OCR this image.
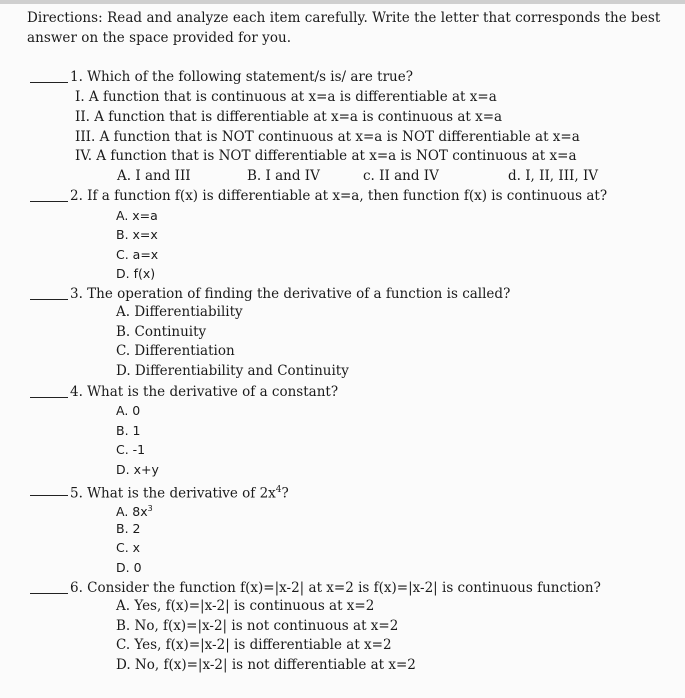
Directions: Read and analyze each item carefully. Write the letter that corresponds the best answer on the space provided for you.
1. Which of the following statement/s is/ are true?
I. A function that is continuous at x=a is differentiable at x=a
II. A function that is differentiable at x=a is continuous at x=a
III. A function that is NOT continuous at x=a is NOT differentiable at x=a
IV. A function that is NOT differentiable at x=a is NOT continuous at x=a
A. I and III	B. I and IV	c. II and IV	d. I, II, III, IV
2. If a function f(x) is differentiable at x=a, then function f(x) is continuous at?
A. x=a
B. x=x
C. a=x
D. f(x)
3. The operation of finding the derivative of a function is called?
A. Differentiability
B. Continuity
C. Differentiation
D. Differentiability and Continuity
4. What is the derivative of a constant?
A. 0
B. 1
C. -1
D. x+y
5. What is the derivative of $2x^4$?
A. $8x^3$
B. 2
C. x
D. 0
6. Consider the function f(x)=|x-2| at x=2 is f(x)=|x-2| is continuous function?
A. Yes, f(x)=|x-2| is continuous at x=2
B. No, f(x)=|x-2| is not continuous at x=2
C. Yes, f(x)=|x-2| is differentiable at x=2
D. No, f(x)=|x-2| is not differentiable at x=2
